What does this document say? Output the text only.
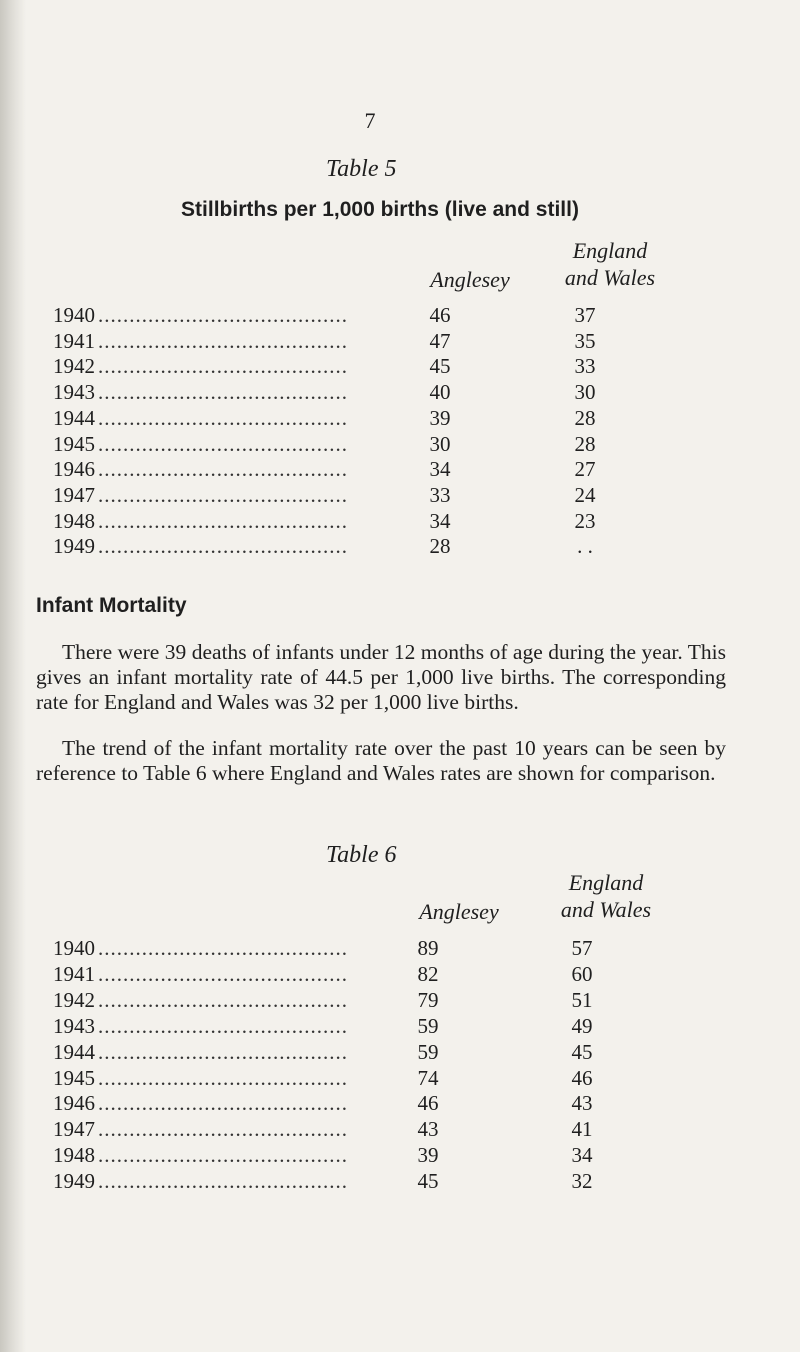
7
Table 5
Stillbirths per 1,000 births (live and still)
Anglesey
England
and Wales
1940 ........................................	46	37
1941 ........................................	47	35
1942 ........................................	45	33
1943 ........................................	40	30
1944 ........................................	39	28
1945 ........................................	30	28
1946 ........................................	34	27
1947 ........................................	33	24
1948 ........................................	34	23
1949 ........................................	28	. .
Infant Mortality
There were 39 deaths of infants under 12 months of age during the year. This gives an infant mortality rate of 44.5 per 1,000 live births. The corresponding rate for England and Wales was 32 per 1,000 live births.
The trend of the infant mortality rate over the past 10 years can be seen by reference to Table 6 where England and Wales rates are shown for comparison.
Table 6
Anglesey
England
and Wales
1940 ........................................	89	57
1941 ........................................	82	60
1942 ........................................	79	51
1943 ........................................	59	49
1944 ........................................	59	45
1945 ........................................	74	46
1946 ........................................	46	43
1947 ........................................	43	41
1948 ........................................	39	34
1949 ........................................	45	32
